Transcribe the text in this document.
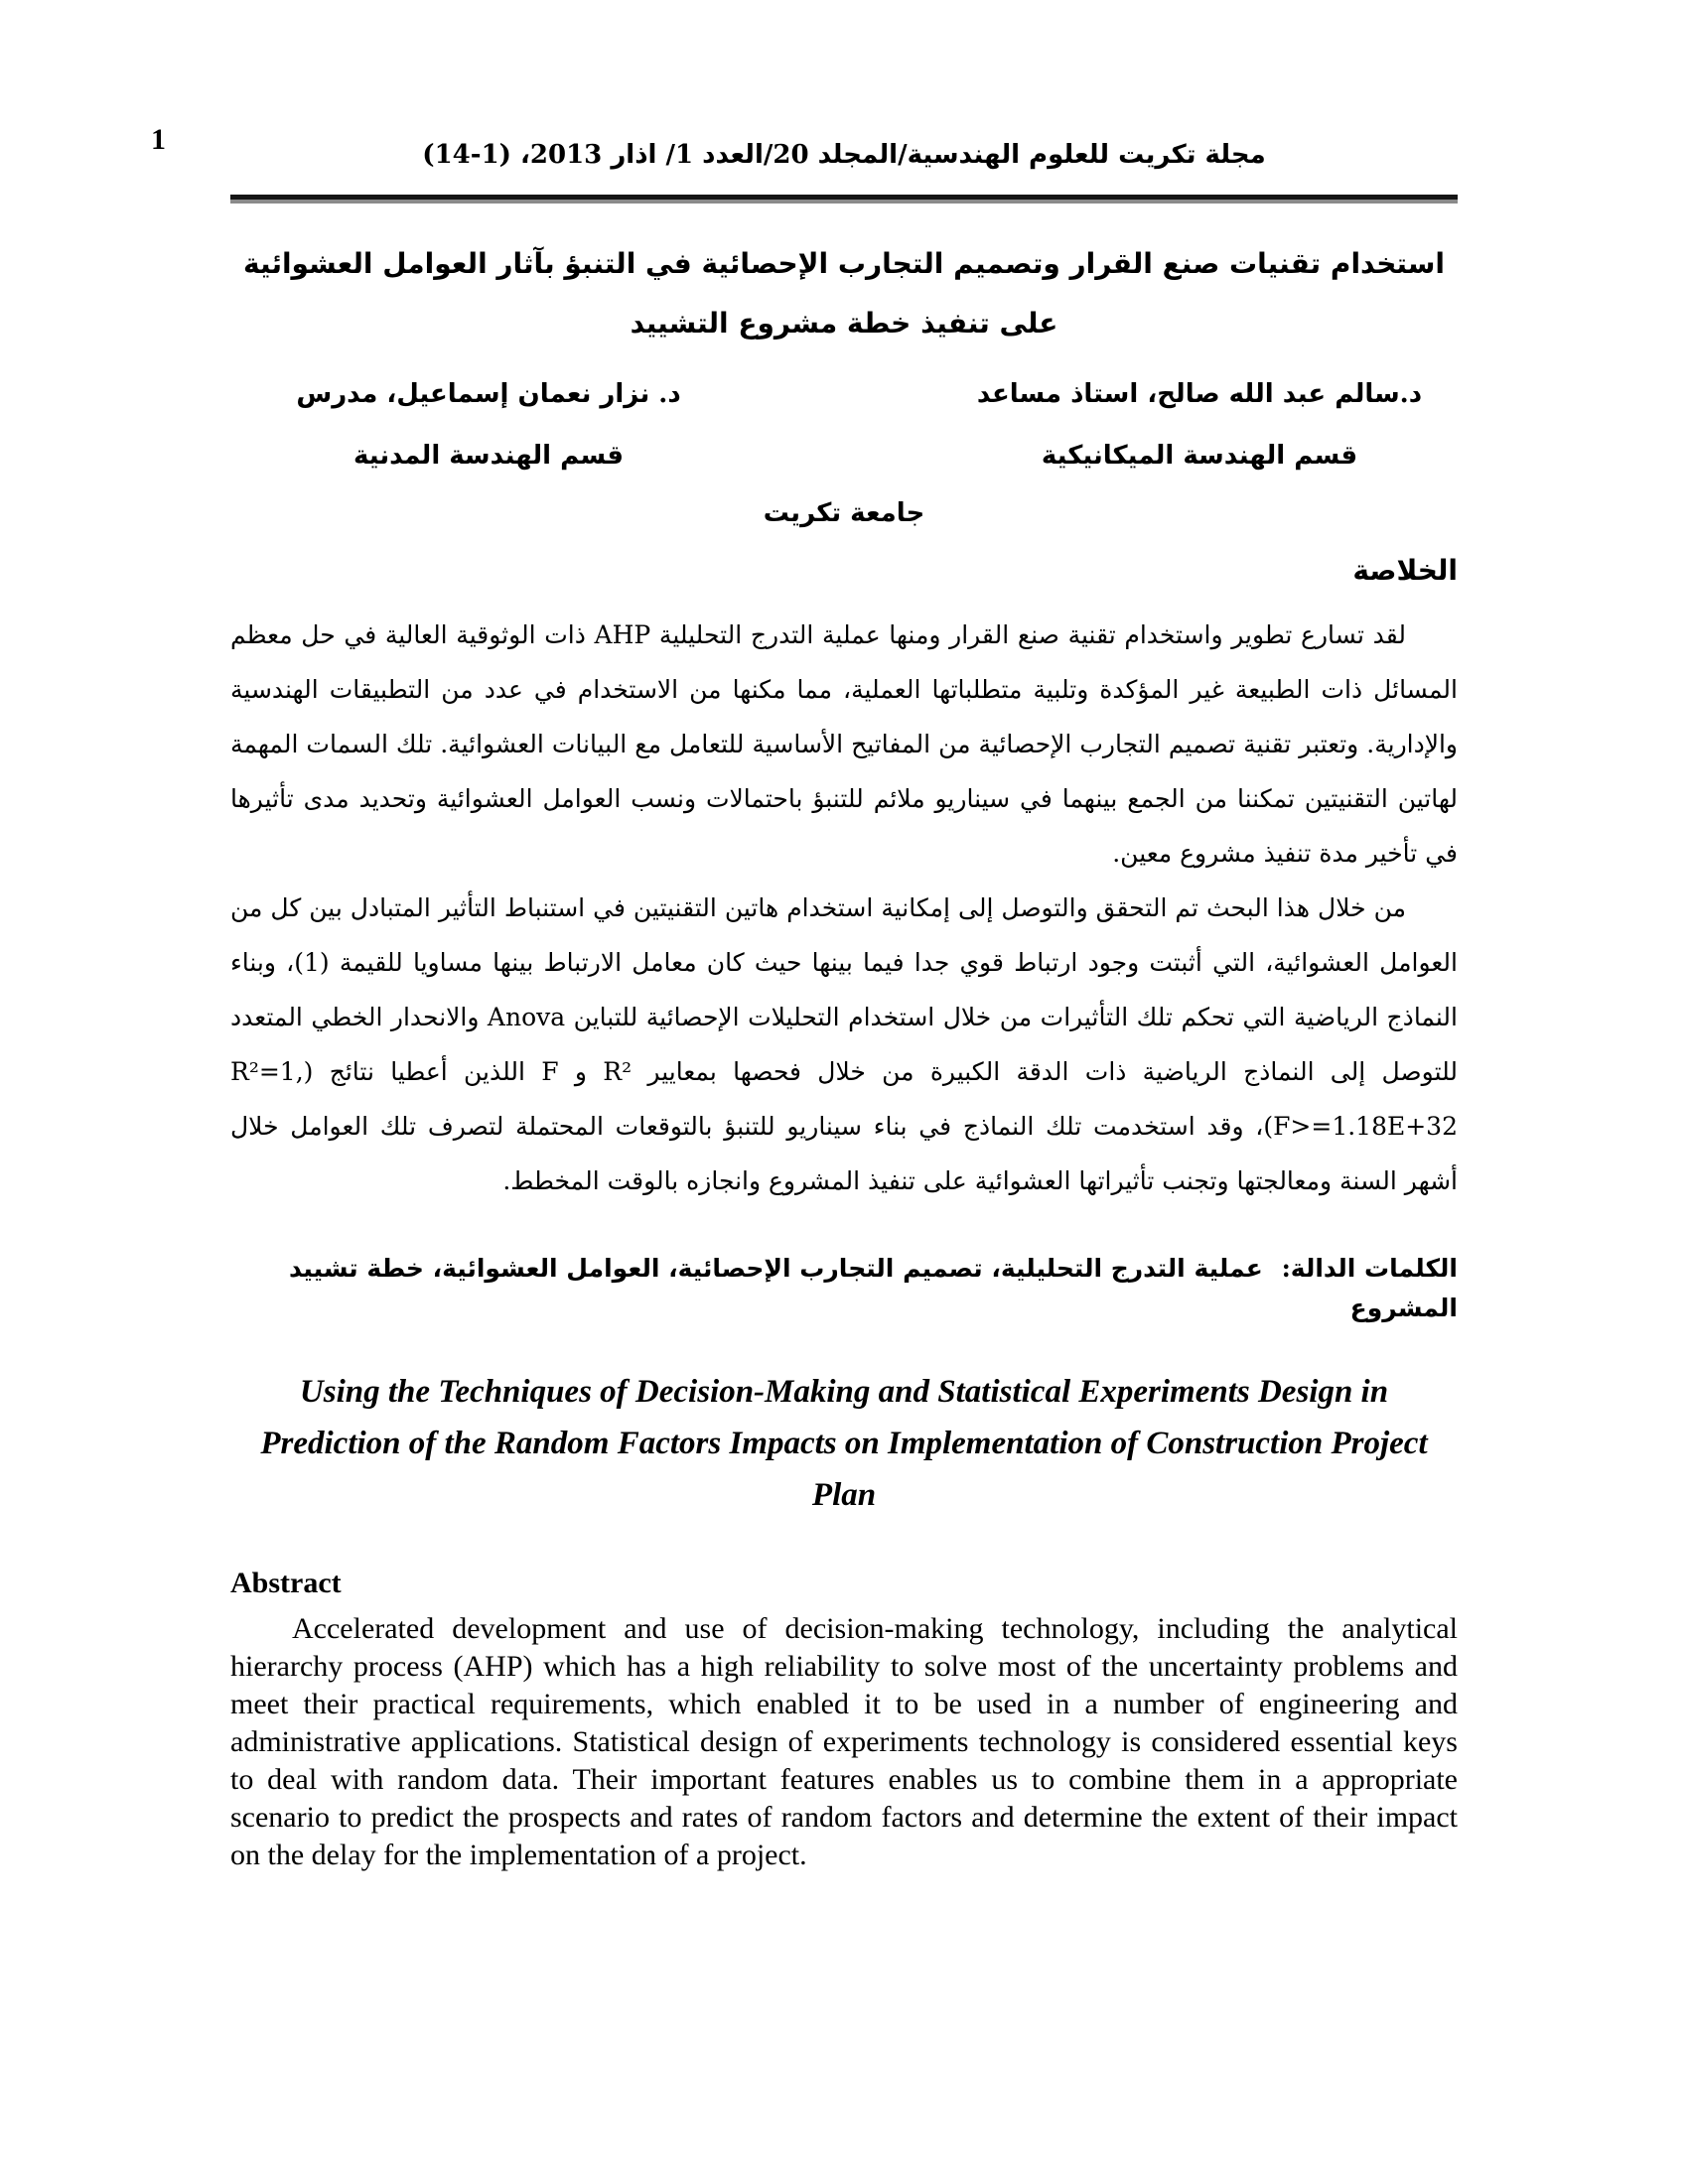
1	مجلة تكريت للعلوم الهندسية/المجلد 20/العدد 1/ اذار 2013، (1-14)
استخدام تقنيات صنع القرار وتصميم التجارب الإحصائية في التنبؤ بآثار العوامل العشوائية على تنفيذ خطة مشروع التشييد
د. نزار نعمان إسماعيل، مدرس
قسم الهندسة المدنية
د.سالم عبد الله صالح، استاذ مساعد
قسم الهندسة الميكانيكية
جامعة تكريت
الخلاصة

لقد تسارع تطوير واستخدام تقنية صنع القرار ومنها عملية التدرج التحليلية AHP ذات الوثوقية العالية في حل معظم المسائل ذات الطبيعة غير المؤكدة وتلبية متطلباتها العملية، مما مكنها من الاستخدام في عدد من التطبيقات الهندسية والإدارية. وتعتبر تقنية تصميم التجارب الإحصائية من المفاتيح الأساسية للتعامل مع البيانات العشوائية. تلك السمات المهمة لهاتين التقنيتين تمكننا من الجمع بينهما في سيناريو ملائم للتنبؤ باحتمالات ونسب العوامل العشوائية وتحديد مدى تأثيرها في تأخير مدة تنفيذ مشروع معين.

من خلال هذا البحث تم التحقق والتوصل إلى إمكانية استخدام هاتين التقنيتين في استنباط التأثير المتبادل بين كل من العوامل العشوائية، التي أثبتت وجود ارتباط قوي جدا فيما بينها حيث كان معامل الارتباط بينها مساويا للقيمة (1)، وبناء النماذج الرياضية التي تحكم تلك التأثيرات من خلال استخدام التحليلات الإحصائية للتباين Anova والانحدار الخطي المتعدد للتوصل إلى النماذج الرياضية ذات الدقة الكبيرة من خلال فحصها بمعايير R² و F اللذين أعطيا نتائج (R²=1, F>=1.18E+32)، وقد استخدمت تلك النماذج في بناء سيناريو للتنبؤ بالتوقعات المحتملة لتصرف تلك العوامل خلال أشهر السنة ومعالجتها وتجنب تأثيراتها العشوائية على تنفيذ المشروع وانجازه بالوقت المخطط.

الكلمات الدالة: عملية التدرج التحليلية، تصميم التجارب الإحصائية، العوامل العشوائية، خطة تشييد المشروع
Using the Techniques of Decision-Making and Statistical Experiments Design in Prediction of the Random Factors Impacts on Implementation of Construction Project Plan
Abstract

Accelerated development and use of decision-making technology, including the analytical hierarchy process (AHP) which has a high reliability to solve most of the uncertainty problems and meet their practical requirements, which enabled it to be used in a number of engineering and administrative applications. Statistical design of experiments technology is considered essential keys to deal with random data. Their important features enables us to combine them in a appropriate scenario to predict the prospects and rates of random factors and determine the extent of their impact on the delay for the implementation of a project.
